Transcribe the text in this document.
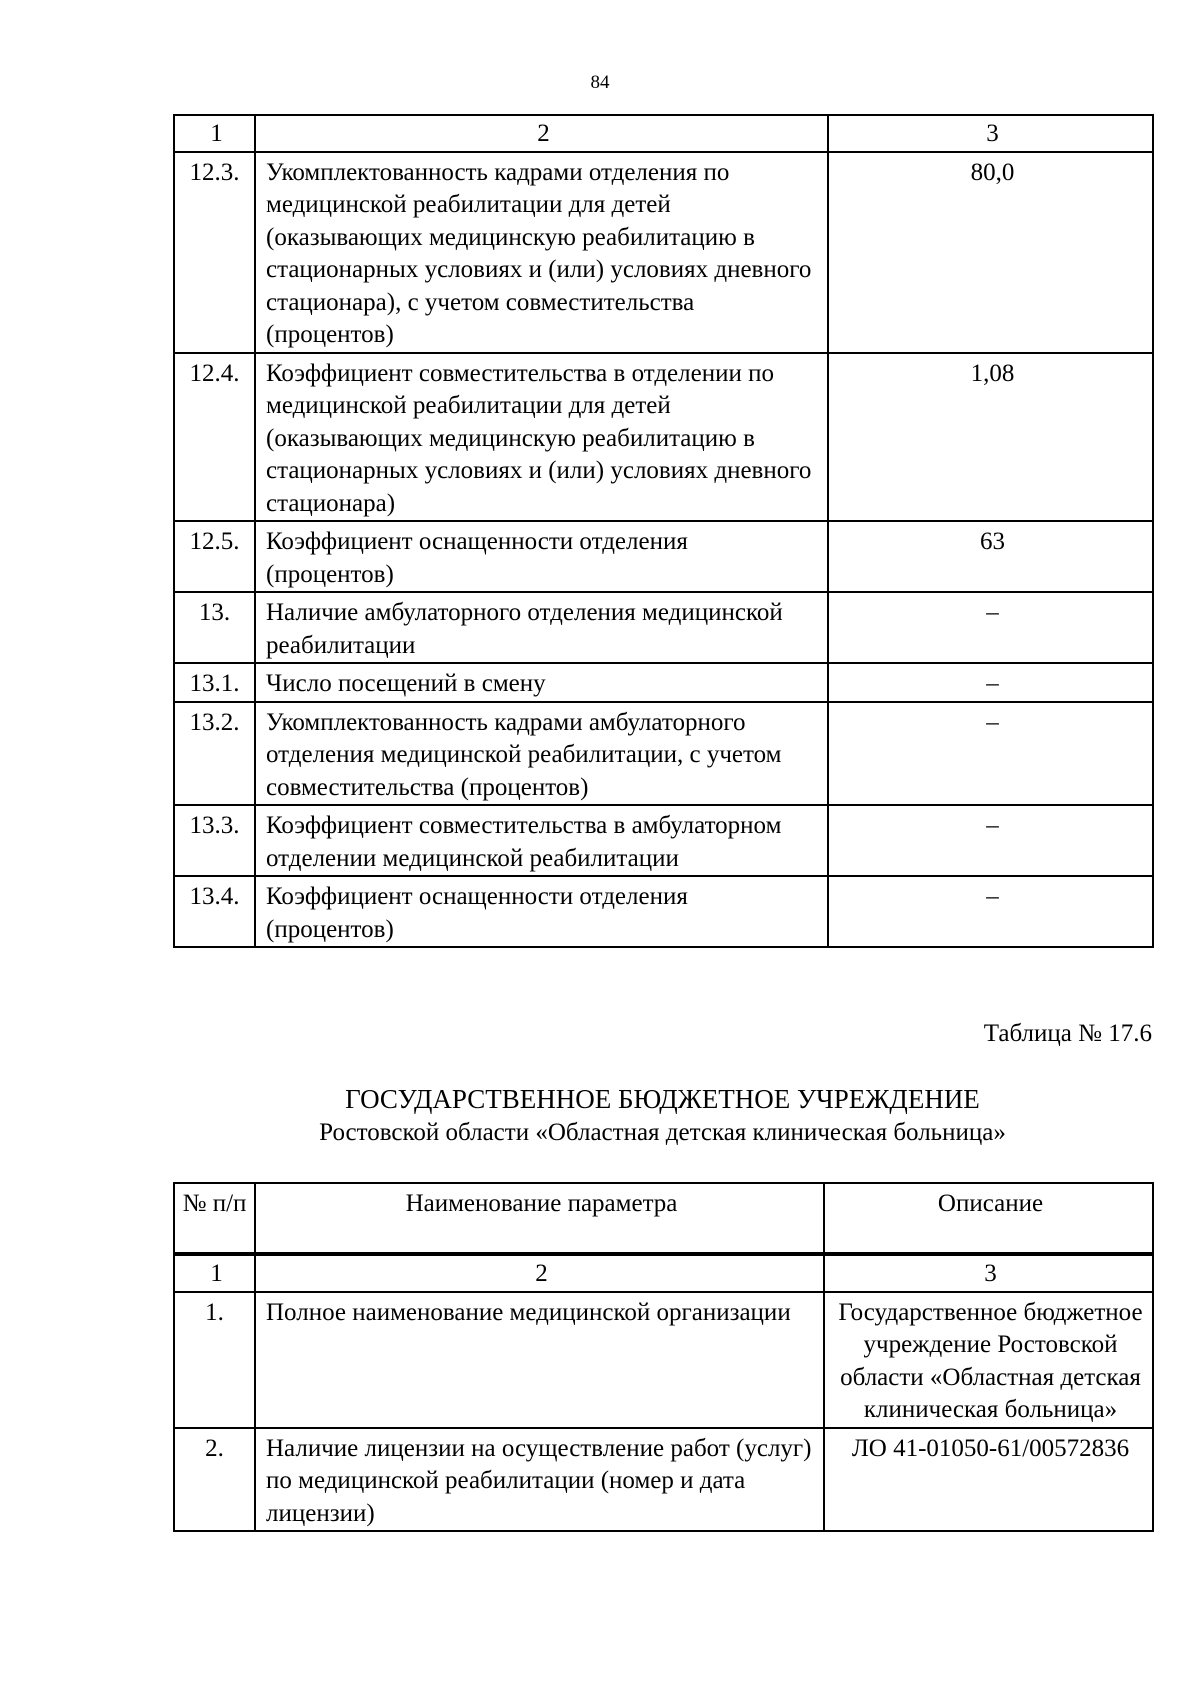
84
1	2	3
12.3.	Укомплектованность кадрами отделения по медицинской реабилитации для детей (оказывающих медицинскую реабилитацию в стационарных условиях и (или) условиях дневного стационара), с учетом совместительства (процентов)	80,0
12.4.	Коэффициент совместительства в отделении по медицинской реабилитации для детей (оказывающих медицинскую реабилитацию в стационарных условиях и (или) условиях дневного стационара)	1,08
12.5.	Коэффициент оснащенности отделения (процентов)	63
13.	Наличие амбулаторного отделения медицинской реабилитации	–
13.1.	Число посещений в смену	–
13.2.	Укомплектованность кадрами амбулаторного отделения медицинской реабилитации, с учетом совместительства (процентов)	–
13.3.	Коэффициент совместительства в амбулаторном отделении медицинской реабилитации	–
13.4.	Коэффициент оснащенности отделения (процентов)	–
Таблица № 17.6
ГОСУДАРСТВЕННОЕ БЮДЖЕТНОЕ УЧРЕЖДЕНИЕ
Ростовской области «Областная детская клиническая больница»
№ п/п	Наименование параметра	Описание
1	2	3
1.	Полное наименование медицинской организации	Государственное бюджетное учреждение Ростовской области «Областная детская клиническая больница»
2.	Наличие лицензии на осуществление работ (услуг) по медицинской реабилитации (номер и дата лицензии)	ЛО 41-01050-61/00572836
